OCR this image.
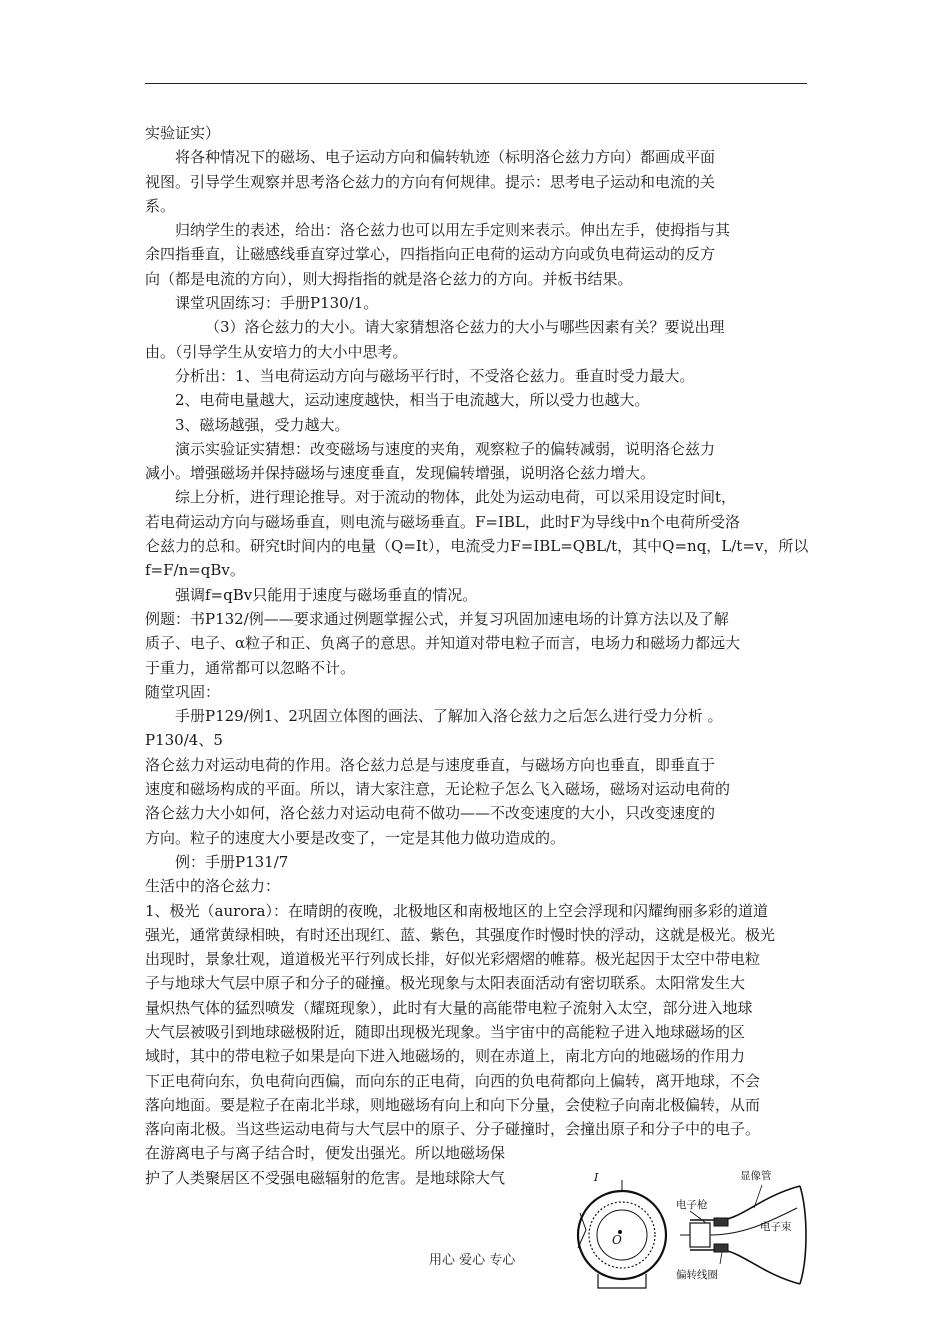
实验证实）
将各种情况下的磁场、电子运动方向和偏转轨迹（标明洛仑兹力方向）都画成平面
视图。引导学生观察并思考洛仑兹力的方向有何规律。提示：思考电子运动和电流的关
系。
归纳学生的表述，给出：洛仑兹力也可以用左手定则来表示。伸出左手，使拇指与其
余四指垂直，让磁感线垂直穿过掌心，四指指向正电荷的运动方向或负电荷运动的反方
向（都是电流的方向），则大拇指指的就是洛仑兹力的方向。并板书结果。
课堂巩固练习：手册P130/1。
（3）洛仑兹力的大小。请大家猜想洛仑兹力的大小与哪些因素有关？要说出理
由。（引导学生从安培力的大小中思考。
分析出：1、当电荷运动方向与磁场平行时，不受洛仑兹力。垂直时受力最大。
2、电荷电量越大，运动速度越快，相当于电流越大，所以受力也越大。
3、磁场越强，受力越大。
演示实验证实猜想：改变磁场与速度的夹角，观察粒子的偏转减弱，说明洛仑兹力
减小。增强磁场并保持磁场与速度垂直，发现偏转增强，说明洛仑兹力增大。
综上分析，进行理论推导。对于流动的物体，此处为运动电荷，可以采用设定时间t，
若电荷运动方向与磁场垂直，则电流与磁场垂直。F=IBL，此时F为导线中n个电荷所受洛
仑兹力的总和。研究t时间内的电量（Q=It），电流受力F=IBL=QBL/t，其中Q=nq，L/t=v，所以
f=F/n=qBv。
强调f=qBv只能用于速度与磁场垂直的情况。
例题：书P132/例——要求通过例题掌握公式，并复习巩固加速电场的计算方法以及了解
质子、电子、α粒子和正、负离子的意思。并知道对带电粒子而言，电场力和磁场力都远大
于重力，通常都可以忽略不计。
随堂巩固：
手册P129/例1、2巩固立体图的画法、了解加入洛仑兹力之后怎么进行受力分析 。
P130/4、5
洛仑兹力对运动电荷的作用。洛仑兹力总是与速度垂直，与磁场方向也垂直，即垂直于
速度和磁场构成的平面。所以，请大家注意，无论粒子怎么飞入磁场，磁场对运动电荷的
洛仑兹力大小如何，洛仑兹力对运动电荷不做功——不改变速度的大小，只改变速度的
方向。粒子的速度大小要是改变了，一定是其他力做功造成的。
例：手册P131/7
生活中的洛仑兹力：
1、极光（aurora）：在晴朗的夜晚，北极地区和南极地区的上空会浮现和闪耀绚丽多彩的道道
强光，通常黄绿相映，有时还出现红、蓝、紫色，其强度作时慢时快的浮动，这就是极光。极光
出现时，景象壮观，道道极光平行列成长排，好似光彩熠熠的帷幕。极光起因于太空中带电粒
子与地球大气层中原子和分子的碰撞。极光现象与太阳表面活动有密切联系。太阳常发生大
量炽热气体的猛烈喷发（耀斑现象），此时有大量的高能带电粒子流射入太空，部分进入地球
大气层被吸引到地球磁极附近，随即出现极光现象。当宇宙中的高能粒子进入地球磁场的区
域时，其中的带电粒子如果是向下进入地磁场的，则在赤道上，南北方向的地磁场的作用力
下正电荷向东，负电荷向西偏，而向东的正电荷，向西的负电荷都向上偏转，离开地球，不会
落向地面。要是粒子在南北半球，则地磁场有向上和向下分量，会使粒子向南北极偏转，从而
落向南北极。当这些运动电荷与大气层中的原子、分子碰撞时，会撞出原子和分子中的电子。
在游离电子与离子结合时，便发出强光。所以地磁场保
护了人类聚居区不受强电磁辐射的危害。是地球除大气	I
O
电子枪
显像管
电子束
偏转线圈
用心 爱心 专心
